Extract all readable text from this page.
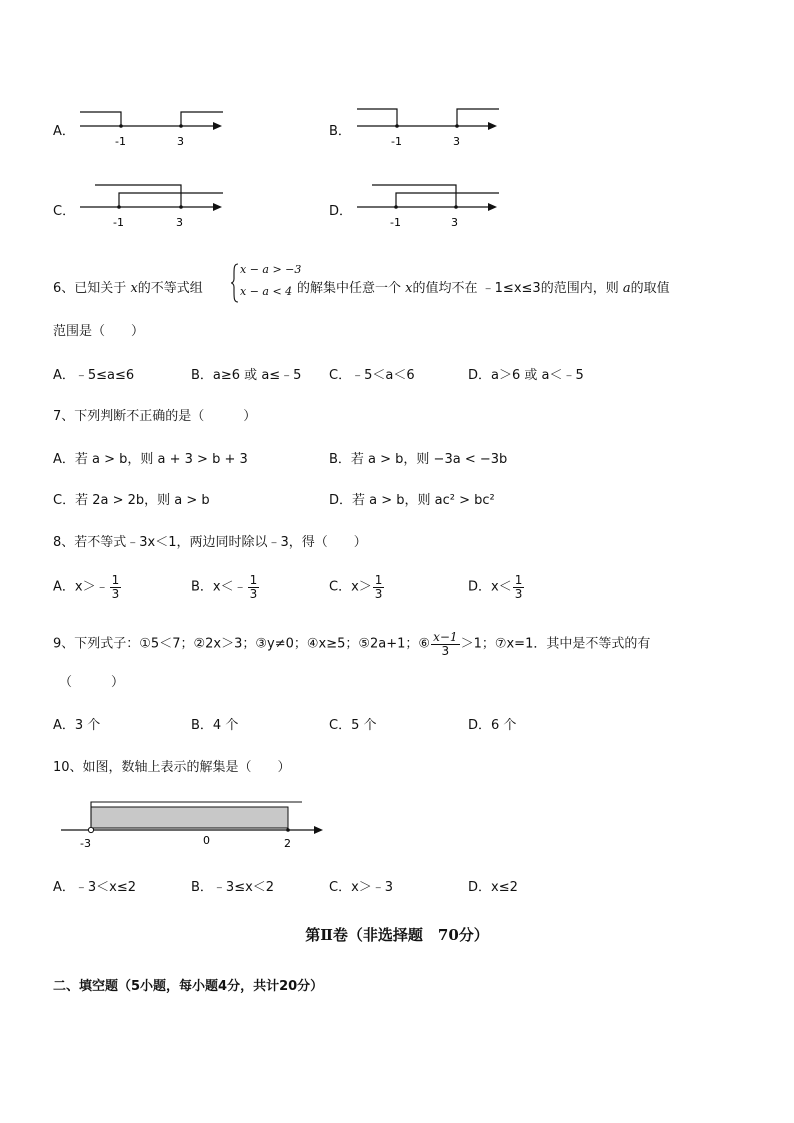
A．
-1	3
B．
-1	3
C．
-1	3
D．
-1	3
6、已知关于 x的不等式组
x − a > −3
x − a < 4 的解集中任意一个 x的值均不在 ﹣1≤x≤3的范围内，则 a的取值
范围是（　　）
A．﹣5≤a≤6	B．a≥6 或 a≤﹣5 C．﹣5＜a＜6	D．a＞6 或 a＜﹣5
7、下列判断不正确的是（　　　）
A．若 a > b，则 a + 3 > b + 3	B．若 a > b，则 −3a < −3b
C．若 2a > 2b，则 a > b	D．若 a > b，则 ac² > bc²
8、若不等式﹣3x＜1，两边同时除以﹣3，得（　　）
A．x＞﹣ $\frac{1}{3}$	B．x＜﹣ $\frac{1}{3}$	C．$x> \frac{1}{3}$	D．$x< \frac{1}{3}$
9、下列式子：①5＜7；②2x＞3；③y≠0；④x≥5；⑤2a+1；⑥ $\frac{x-1}{3} >1$；⑦x=1．其中是不等式的有
（　　　）
A．3 个	B．4 个	C．5 个	D．6 个
10、如图，数轴上表示的解集是（　　）
-3	0	2
A．﹣3＜x≤2	B．﹣3≤x＜2	C．x＞﹣3	D．x≤2
第Ⅱ卷（非选择题　70分）
二、填空题（5小题，每小题4分，共计20分）
